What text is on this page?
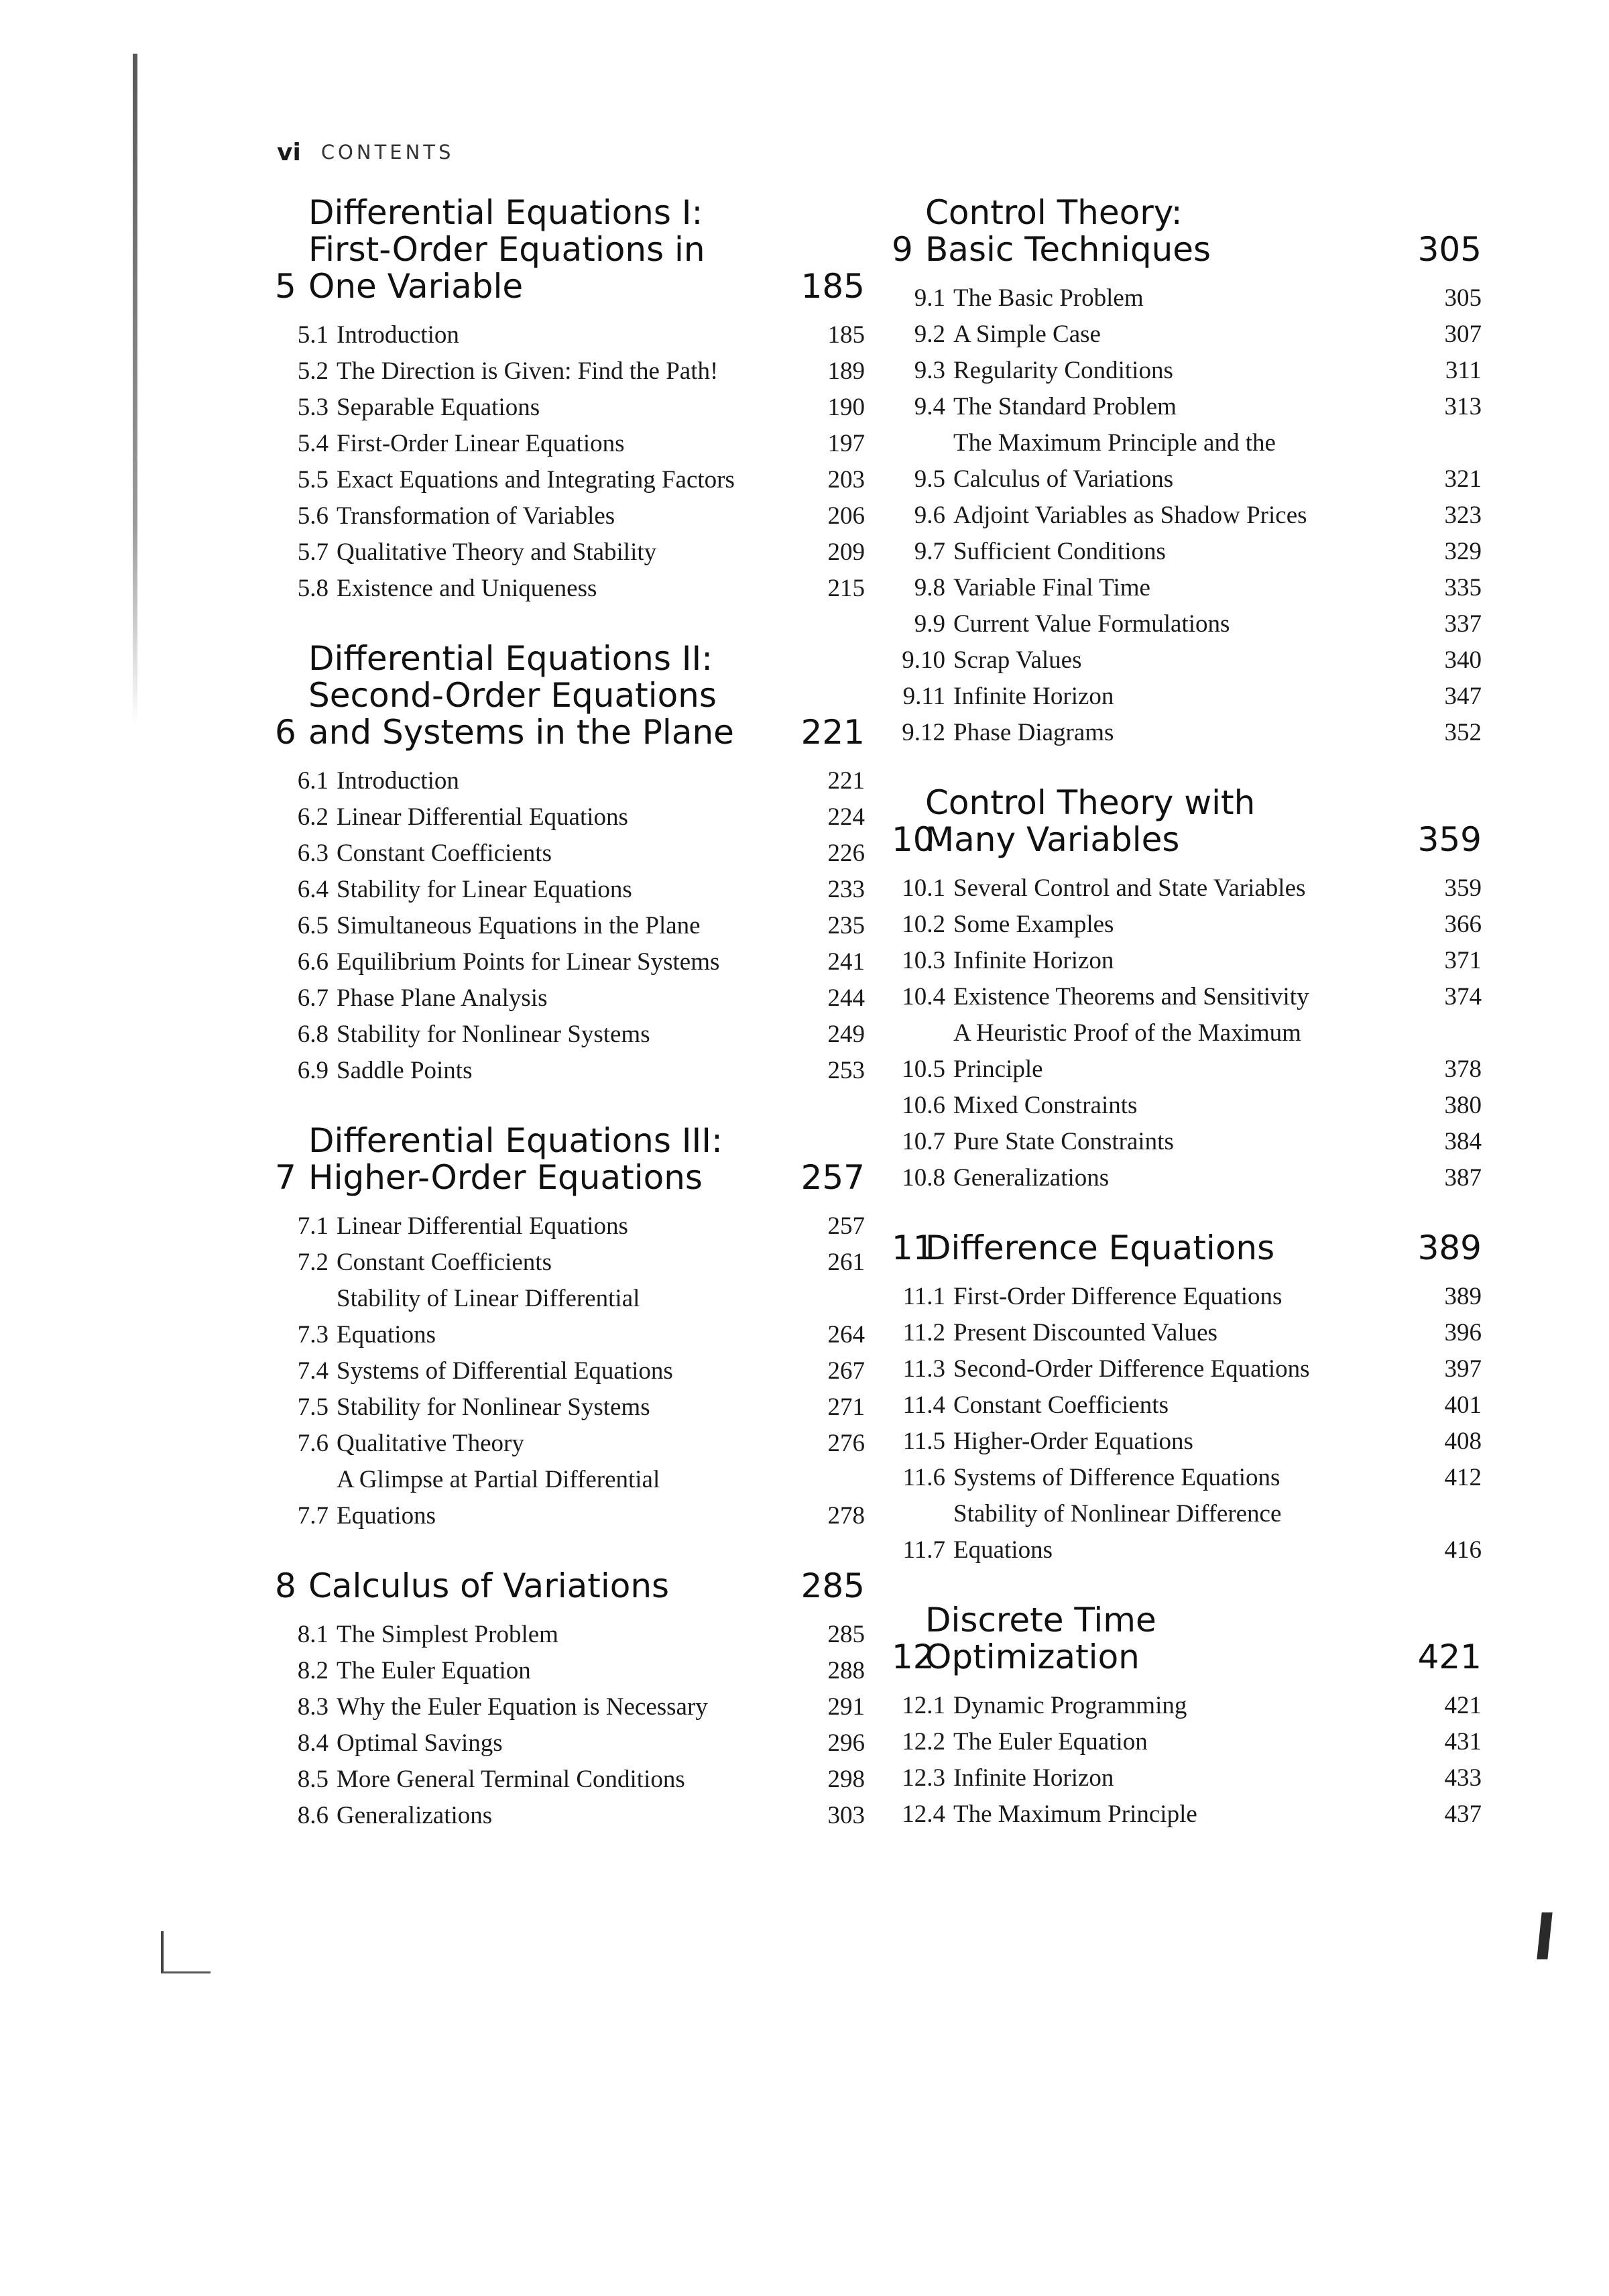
vi CONTENTS
5
Differential Equations I:
First-Order Equations in
One Variable	185
5.1 Introduction	185
5.2 The Direction is Given: Find the Path!	189
5.3 Separable Equations	190
5.4 First-Order Linear Equations	197
5.5 Exact Equations and Integrating Factors	203
5.6 Transformation of Variables	206
5.7 Qualitative Theory and Stability	209
5.8 Existence and Uniqueness	215
6
Differential Equations II:
Second-Order Equations
and Systems in the Plane	221
6.1 Introduction	221
6.2 Linear Differential Equations	224
6.3 Constant Coefficients	226
6.4 Stability for Linear Equations	233
6.5 Simultaneous Equations in the Plane	235
6.6 Equilibrium Points for Linear Systems	241
6.7 Phase Plane Analysis	244
6.8 Stability for Nonlinear Systems	249
6.9 Saddle Points	253
7
Differential Equations III:
Higher-Order Equations	257
7.1 Linear Differential Equations	257
7.2 Constant Coefficients	261
7.3
Stability of Linear Differential
Equations	264
7.4 Systems of Differential Equations	267
7.5 Stability for Nonlinear Systems	271
7.6 Qualitative Theory	276
7.7
A Glimpse at Partial Differential
Equations	278
8 Calculus of Variations	285
8.1 The Simplest Problem	285
8.2 The Euler Equation	288
8.3 Why the Euler Equation is Necessary	291
8.4 Optimal Savings	296
8.5 More General Terminal Conditions	298
8.6 Generalizations	303
9
Control Theory:
Basic Techniques	305
9.1 The Basic Problem	305
9.2 A Simple Case	307
9.3 Regularity Conditions	311
9.4 The Standard Problem	313
9.5
The Maximum Principle and the
Calculus of Variations	321
9.6 Adjoint Variables as Shadow Prices	323
9.7 Sufficient Conditions	329
9.8 Variable Final Time	335
9.9 Current Value Formulations	337
9.10 Scrap Values	340
9.11 Infinite Horizon	347
9.12 Phase Diagrams	352
10
Control Theory with
Many Variables	359
10.1 Several Control and State Variables	359
10.2 Some Examples	366
10.3 Infinite Horizon	371
10.4 Existence Theorems and Sensitivity	374
10.5
A Heuristic Proof of the Maximum
Principle	378
10.6 Mixed Constraints	380
10.7 Pure State Constraints	384
10.8 Generalizations	387
11
Difference Equations	389
11.1 First-Order Difference Equations	389
11.2 Present Discounted Values	396
11.3 Second-Order Difference Equations	397
11.4 Constant Coefficients	401
11.5 Higher-Order Equations	408
11.6 Systems of Difference Equations	412
11.7
Stability of Nonlinear Difference
Equations	416
12
Discrete Time
Optimization	421
12.1 Dynamic Programming	421
12.2 The Euler Equation	431
12.3 Infinite Horizon	433
12.4 The Maximum Principle	437
